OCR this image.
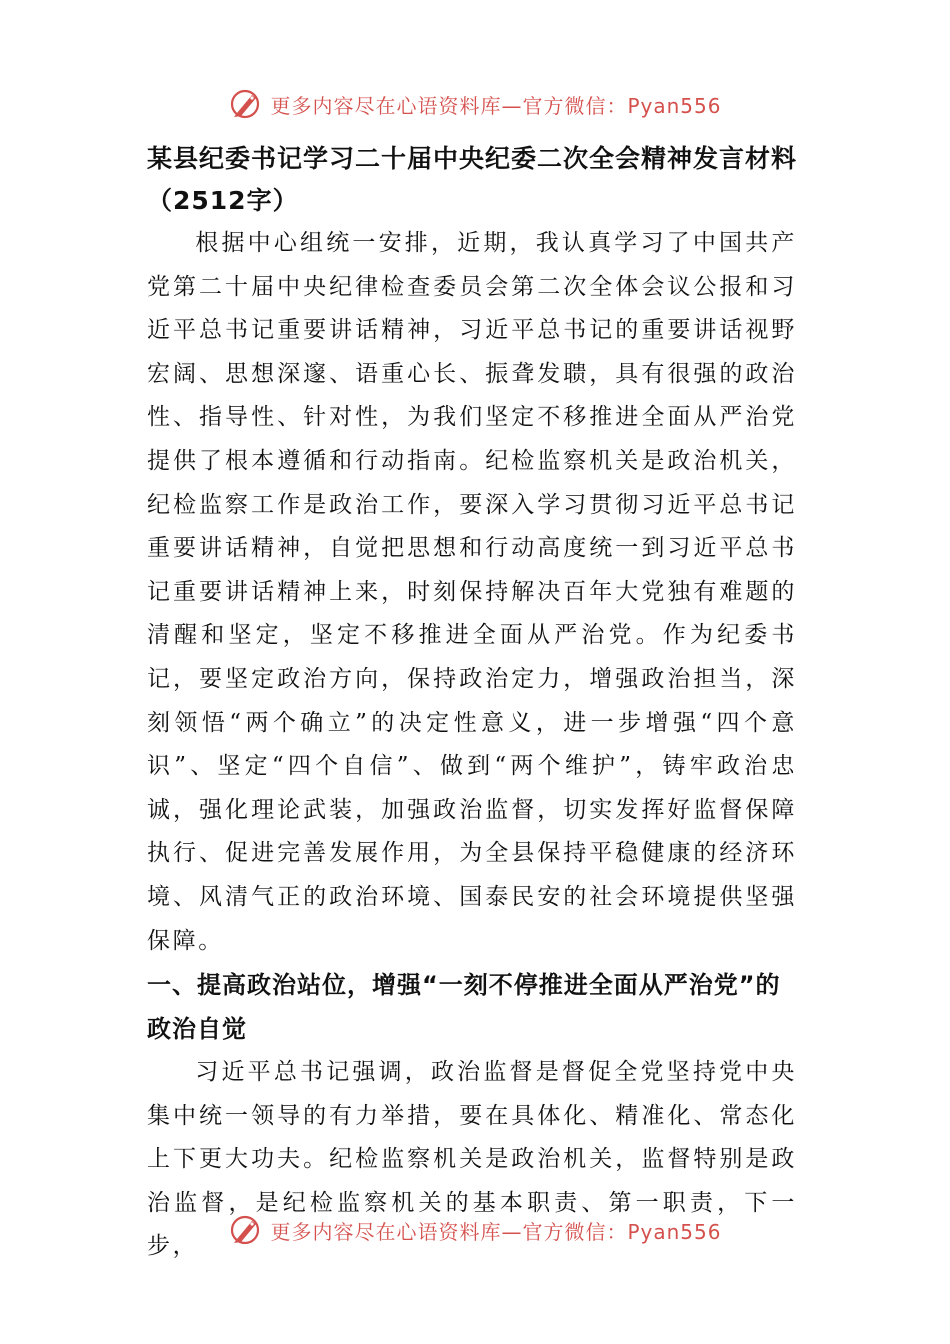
更多内容尽在心语资料库—官方微信：Pyan556
某县纪委书记学习二十届中央纪委二次全会精神发言材料（2512字）

根据中心组统一安排，近期，我认真学习了中国共产党第二十届中央纪律检查委员会第二次全体会议公报和习近平总书记重要讲话精神，习近平总书记的重要讲话视野宏阔、思想深邃、语重心长、振聋发聩，具有很强的政治性、指导性、针对性，为我们坚定不移推进全面从严治党提供了根本遵循和行动指南。纪检监察机关是政治机关，纪检监察工作是政治工作，要深入学习贯彻习近平总书记重要讲话精神，自觉把思想和行动高度统一到习近平总书记重要讲话精神上来，时刻保持解决百年大党独有难题的清醒和坚定，坚定不移推进全面从严治党。作为纪委书记，要坚定政治方向，保持政治定力，增强政治担当，深刻领悟“两个确立”的决定性意义，进一步增强“四个意识”、坚定“四个自信”、做到“两个维护”，铸牢政治忠诚，强化理论武装，加强政治监督，切实发挥好监督保障执行、促进完善发展作用，为全县保持平稳健康的经济环境、风清气正的政治环境、国泰民安的社会环境提供坚强保障。

一、提高政治站位，增强“一刻不停推进全面从严治党”的政治自觉

习近平总书记强调，政治监督是督促全党坚持党中央集中统一领导的有力举措，要在具体化、精准化、常态化上下更大功夫。纪检监察机关是政治机关，监督特别是政治监督，是纪检监察机关的基本职责、第一职责，下一步，

更多内容尽在心语资料库—官方微信：Pyan556
